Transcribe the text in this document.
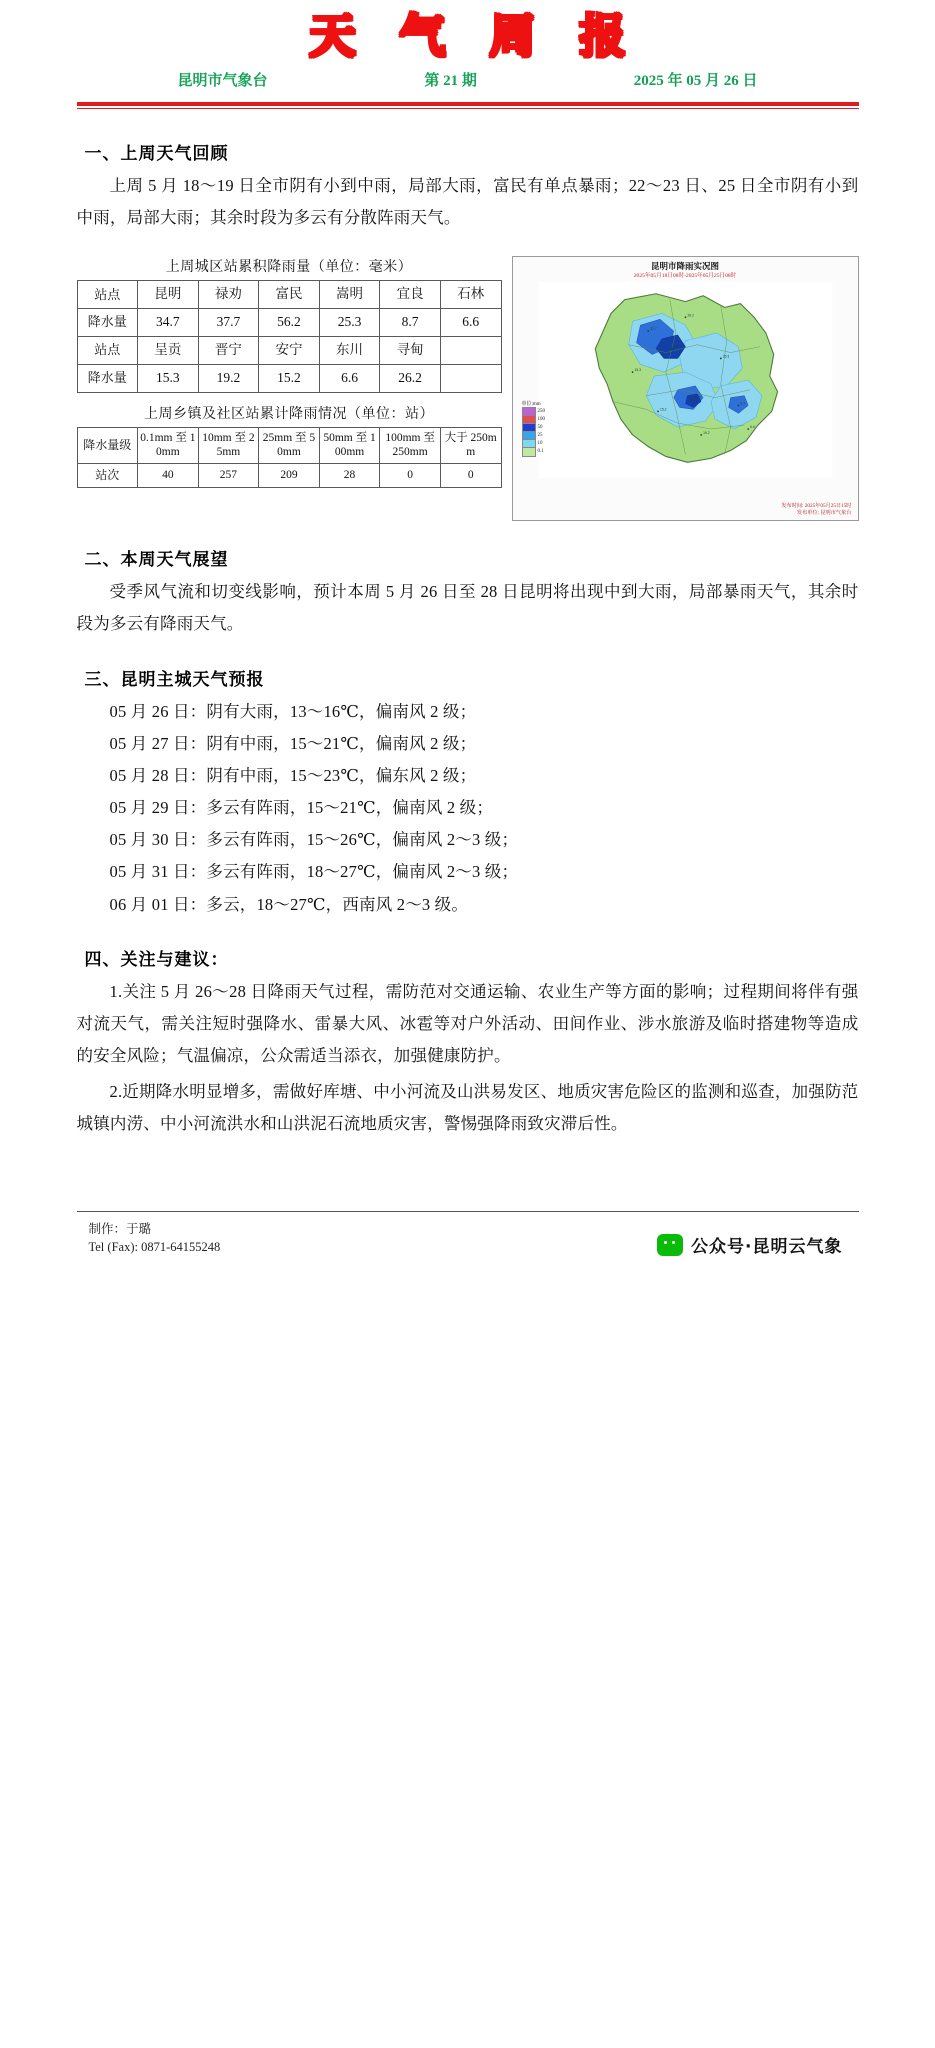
天 气 周 报
昆明市气象台	第 21 期	2025 年 05 月 26 日
一、上周天气回顾

上周 5 月 18～19 日全市阴有小到中雨，局部大雨，富民有单点暴雨；22～23 日、25 日全市阴有小到中雨，局部大雨；其余时段为多云有分散阵雨天气。

上周城区站累积降雨量（单位：毫米）
站点	昆明	禄劝	富民	嵩明	宜良	石林
降水量	34.7	37.7	56.2	25.3	8.7	6.6
站点	呈贡	晋宁	安宁	东川	寻甸	
降水量	15.3	19.2	15.2	6.6	26.2	
上周乡镇及社区站累计降雨情况（单位：站）
降水量级	0.1mm 至 10mm	10mm 至 25mm	25mm 至 50mm	50mm 至 100mm	100mm 至 250mm	大于 250mm
站次	40	257	209	28	0	0
昆明市降雨实况图
2025年05月18日08时-2025年05月25日08时
37.7
56.2
34.7
25.3
8.7
15.2
19.2
6.6
26.2
15.3
单位:mm
250
100
50
25
10
0.1
发布时间: 2025年05月25日15时
发布单位: 昆明市气象台
二、本周天气展望

受季风气流和切变线影响，预计本周 5 月 26 日至 28 日昆明将出现中到大雨，局部暴雨天气，其余时段为多云有降雨天气。

三、昆明主城天气预报
05 月 26 日：阴有大雨，13～16℃，偏南风 2 级；
05 月 27 日：阴有中雨，15～21℃，偏南风 2 级；
05 月 28 日：阴有中雨，15～23℃，偏东风 2 级；
05 月 29 日：多云有阵雨，15～21℃，偏南风 2 级；
05 月 30 日：多云有阵雨，15～26℃，偏南风 2～3 级；
05 月 31 日：多云有阵雨，18～27℃，偏南风 2～3 级；
06 月 01 日：多云，18～27℃，西南风 2～3 级。
四、关注与建议：

1.关注 5 月 26～28 日降雨天气过程，需防范对交通运输、农业生产等方面的影响；过程期间将伴有强对流天气，需关注短时强降水、雷暴大风、冰雹等对户外活动、田间作业、涉水旅游及临时搭建物等造成的安全风险；气温偏凉，公众需适当添衣，加强健康防护。

2.近期降水明显增多，需做好库塘、中小河流及山洪易发区、地质灾害危险区的监测和巡查，加强防范城镇内涝、中小河流洪水和山洪泥石流地质灾害，警惕强降雨致灾滞后性。

制作：于璐
Tel (Fax): 0871-64155248	公众号·昆明云气象
